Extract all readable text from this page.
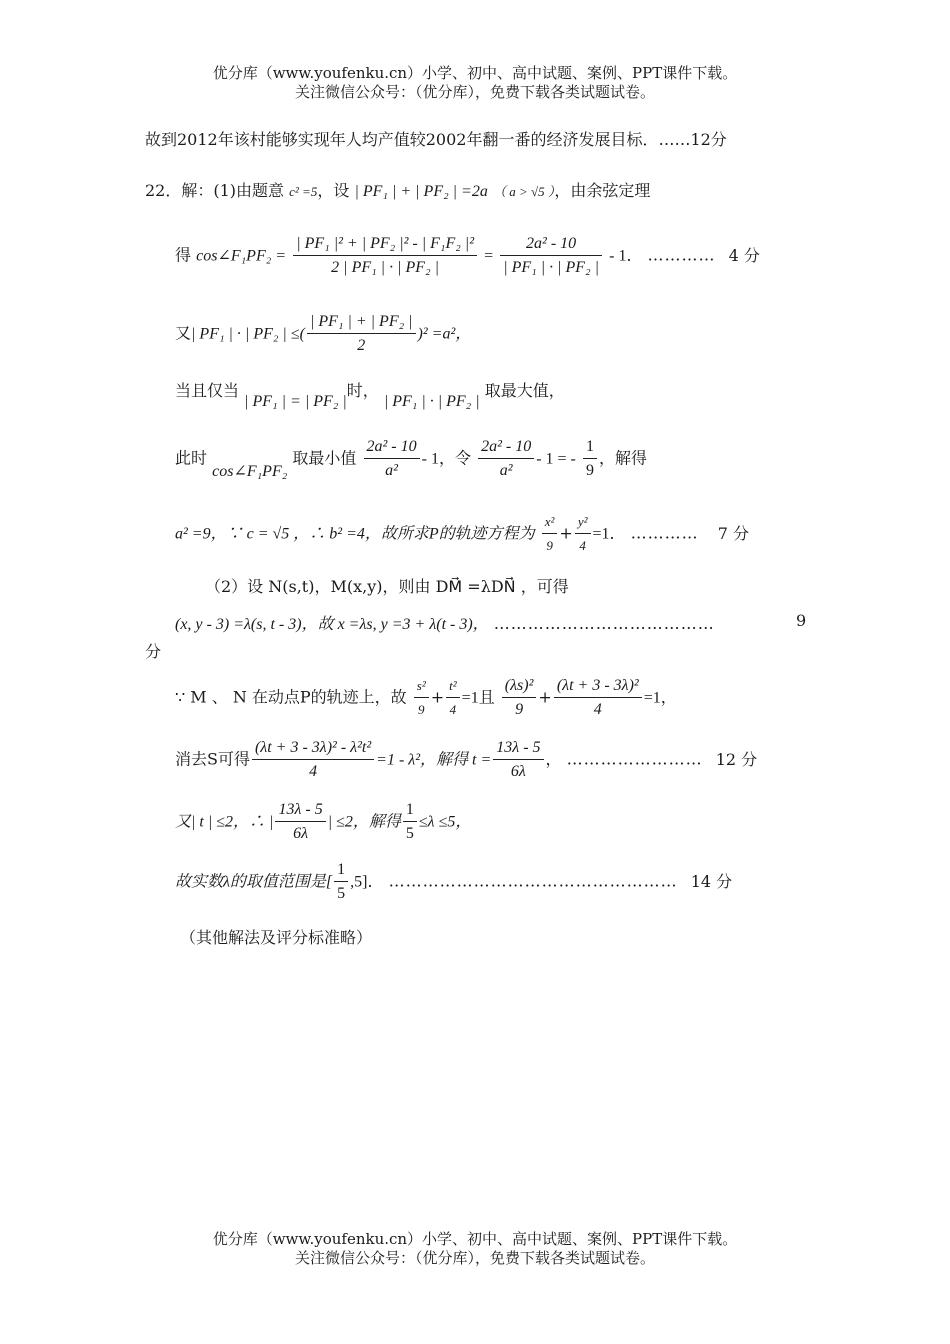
优分库（www.youfenku.cn）小学、初中、高中试题、案例、PPT课件下载。
关注微信公众号：（优分库），免费下载各类试题试卷。
故到2012年该村能够实现年人均产值较2002年翻一番的经济发展目标．……12分
22．解：(1)由题意 c² =5，设 | PF₁ | + | PF₂ | =2a （ a > √5 ），由余弦定理
得 cos∠F₁PF₂ = $\frac{\text{| PF₁ |² + | PF₂ |² - | F₁F₂ |²}}{\text{2 | PF₁ | · | PF₂ |}} = \frac{\text{2a² - 10}}{\text{| PF₁ | · | PF₂ |}} - 1$． ………… 4 分
又| PF₁ | · | PF₂ | ≤( $\frac{\text{| PF₁ | + | PF₂ |}}{2} )^2 =a^2$，
当且仅当 | PF₁ | = | PF₂ |时， | PF₁ | · | PF₂ | 取最大值，
此时 cos∠F₁PF₂ 取最小值 $\frac{\text{2a² - 10}}{\text{a²}} - 1$，令 $\frac{\text{2a² - 10}}{\text{a²}} - 1$ = - $\frac{1}{9}$ ，解得
a² =9，∵ c = √5 ，∴ b² =4，故所求P的轨迹方程为 $\frac{\text{x²}}{9} + \frac{\text{y²}}{4} =1$． ………… 7 分
（2）设 N(s,t)，M(x,y)，则由 DM⃗ =λDN⃗ ，可得
(x, y - 3) =λ(s, t - 3)，故 x =λs, y =3 + λ(t - 3)， …………………………………	9
分
∵ M 、 N 在动点P的轨迹上，故 $\frac{\text{s²}}{9} + \frac{\text{t²}}{4} =1$且 $\frac{\text{(λs)²}}{9} + \frac{\text{(λt + 3 - 3λ)²}}{4} =1$，
消去S可得 $\frac{\text{(λt + 3 - 3λ)² - λ²t²}}{4} =1 - \lambda^2$，解得 $t = \frac{13\lambda - 5}{6\lambda}$ ， …………………… 12 分
又| t | ≤2，∴ | $\frac{13\lambda - 5}{6\lambda}$ | ≤2，解得 $\frac{1}{5} \le\lambda \le 5$，
故实数λ的取值范围是[ $\frac{1}{5} ,5$]． …………………………………………… 14 分
（其他解法及评分标准略）
优分库（www.youfenku.cn）小学、初中、高中试题、案例、PPT课件下载。
关注微信公众号：（优分库），免费下载各类试题试卷。
